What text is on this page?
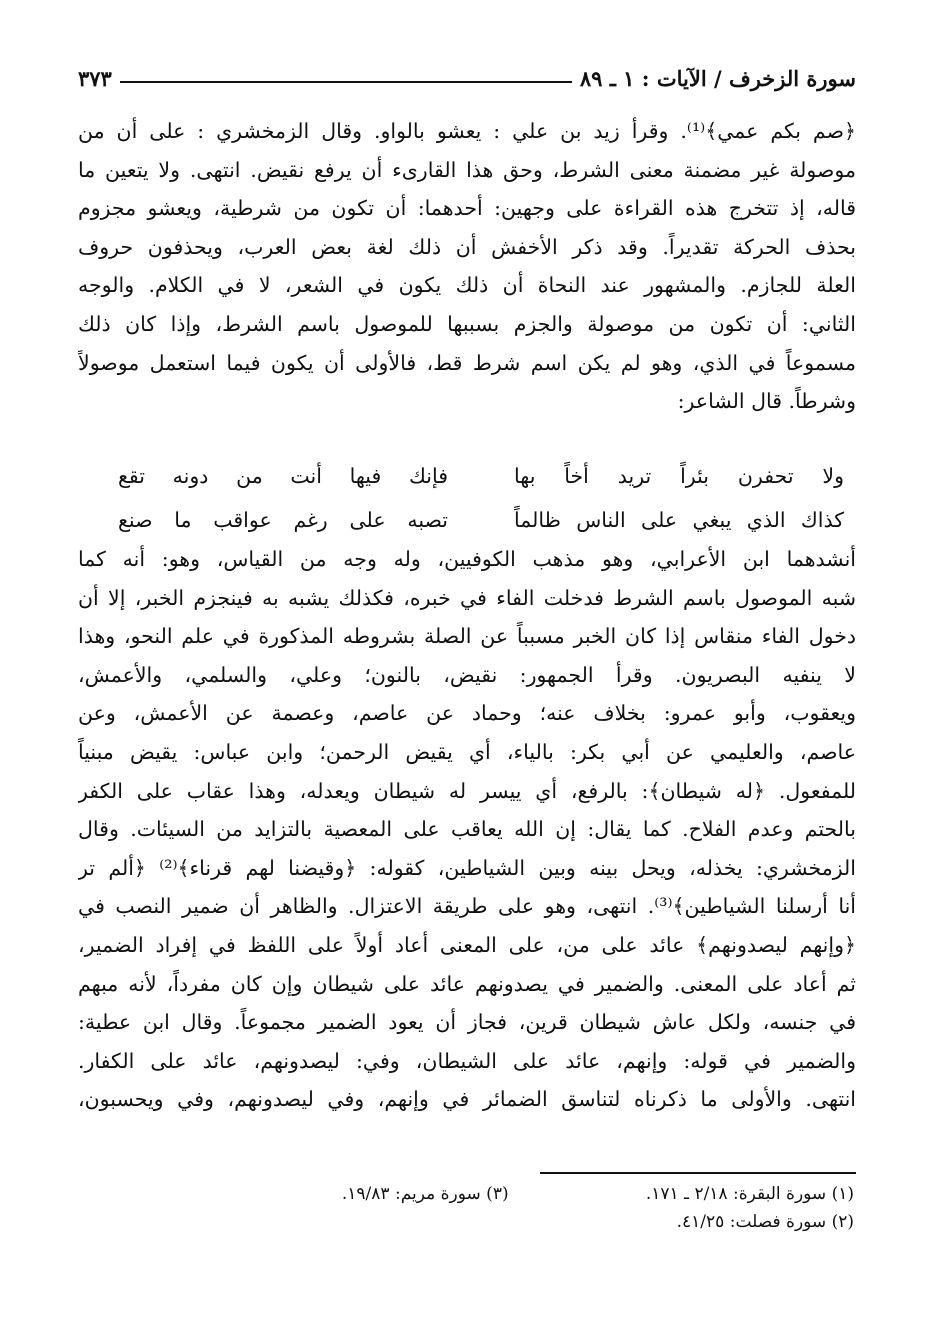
سورة الزخرف / الآيات : ١ ـ ٨٩
٣٧٣
﴿صم بكم عمي﴾⁽¹⁾. وقرأ زيد بن علي : يعشو بالواو. وقال الزمخشري : على أن من
موصولة غير مضمنة معنى الشرط، وحق هذا القارىء أن يرفع نقيض. انتهى. ولا يتعين ما
قاله، إذ تتخرج هذه القراءة على وجهين: أحدهما: أن تكون من شرطية، ويعشو مجزوم
بحذف الحركة تقديراً. وقد ذكر الأخفش أن ذلك لغة بعض العرب، ويحذفون حروف
العلة للجازم. والمشهور عند النحاة أن ذلك يكون في الشعر، لا في الكلام. والوجه
الثاني: أن تكون من موصولة والجزم بسببها للموصول باسم الشرط، وإذا كان ذلك
مسموعاً في الذي، وهو لم يكن اسم شرط قط، فالأولى أن يكون فيما استعمل موصولاً
وشرطاً. قال الشاعر:
ولا تحفرن بئراً تريد أخاً بها
فإنك فيها أنت من دونه تقع
كذاك الذي يبغي على الناس ظالماً
تصبه على رغم عواقب ما صنع
أنشدهما ابن الأعرابي، وهو مذهب الكوفيين، وله وجه من القياس، وهو: أنه كما
شبه الموصول باسم الشرط فدخلت الفاء في خبره، فكذلك يشبه به فينجزم الخبر، إلا أن
دخول الفاء منقاس إذا كان الخبر مسبباً عن الصلة بشروطه المذكورة في علم النحو، وهذا
لا ينفيه البصريون. وقرأ الجمهور: نقيض، بالنون؛ وعلي، والسلمي، والأعمش،
ويعقوب، وأبو عمرو: بخلاف عنه؛ وحماد عن عاصم، وعصمة عن الأعمش، وعن
عاصم، والعليمي عن أبي بكر: بالياء، أي يقيض الرحمن؛ وابن عباس: يقيض مبنياً
للمفعول. ﴿له شيطان﴾: بالرفع، أي ييسر له شيطان ويعدله، وهذا عقاب على الكفر
بالحتم وعدم الفلاح. كما يقال: إن الله يعاقب على المعصية بالتزايد من السيئات. وقال
الزمخشري: يخذله، ويحل بينه وبين الشياطين، كقوله: ﴿وقيضنا لهم قرناء﴾⁽²⁾ ﴿ألم تر
أنا أرسلنا الشياطين﴾⁽³⁾. انتهى، وهو على طريقة الاعتزال. والظاهر أن ضمير النصب في
﴿وإنهم ليصدونهم﴾ عائد على من، على المعنى أعاد أولاً على اللفظ في إفراد الضمير،
ثم أعاد على المعنى. والضمير في يصدونهم عائد على شيطان وإن كان مفرداً، لأنه مبهم
في جنسه، ولكل عاش شيطان قرين، فجاز أن يعود الضمير مجموعاً. وقال ابن عطية:
والضمير في قوله: وإنهم، عائد على الشيطان، وفي: ليصدونهم، عائد على الكفار.
انتهى. والأولى ما ذكرناه لتناسق الضمائر في وإنهم، وفي ليصدونهم، وفي ويحسبون،
(١) سورة البقرة: ٢/١٨ ـ ١٧١. (٣) سورة مريم: ١٩/٨٣.
(٢) سورة فصلت: ٤١/٢٥.
